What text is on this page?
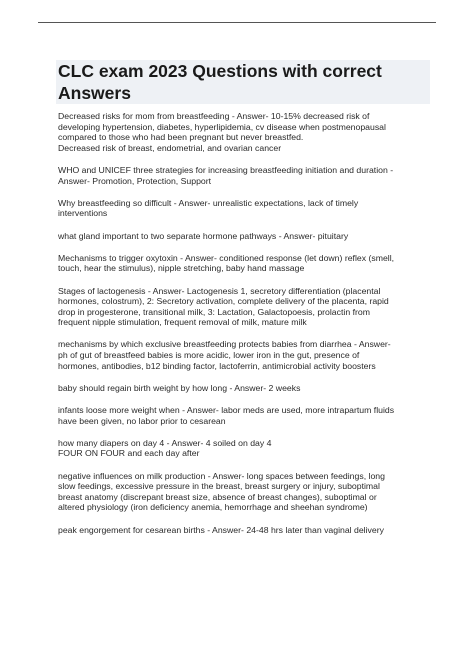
CLC exam 2023 Questions with correct
Answers
Decreased risks for mom from breastfeeding - Answer- 10-15% decreased risk of
developing hypertension, diabetes, hyperlipidemia, cv disease when postmenopausal
compared to those who had been pregnant but never breastfed.
Decreased risk of breast, endometrial, and ovarian cancer
WHO and UNICEF three strategies for increasing breastfeeding initiation and duration -
Answer- Promotion, Protection, Support
Why breastfeeding so difficult - Answer- unrealistic expectations, lack of timely
interventions
what gland important to two separate hormone pathways - Answer- pituitary
Mechanisms to trigger oxytoxin - Answer- conditioned response (let down) reflex (smell,
touch, hear the stimulus), nipple stretching, baby hand massage
Stages of lactogenesis - Answer- Lactogenesis 1, secretory differentiation (placental
hormones, colostrum), 2: Secretory activation, complete delivery of the placenta, rapid
drop in progesterone, transitional milk, 3: Lactation, Galactopoesis, prolactin from
frequent nipple stimulation, frequent removal of milk, mature milk
mechanisms by which exclusive breastfeeding protects babies from diarrhea - Answer-
ph of gut of breastfeed babies is more acidic, lower iron in the gut, presence of
hormones, antibodies, b12 binding factor, lactoferrin, antimicrobial activity boosters
baby should regain birth weight by how long - Answer- 2 weeks
infants loose more weight when - Answer- labor meds are used, more intrapartum fluids
have been given, no labor prior to cesarean
how many diapers on day 4 - Answer- 4 soiled on day 4
FOUR ON FOUR and each day after
negative influences on milk production - Answer- long spaces between feedings, long
slow feedings, excessive pressure in the breast, breast surgery or injury, suboptimal
breast anatomy (discrepant breast size, absence of breast changes), suboptimal or
altered physiology (iron deficiency anemia, hemorrhage and sheehan syndrome)
peak engorgement for cesarean births - Answer- 24-48 hrs later than vaginal delivery
